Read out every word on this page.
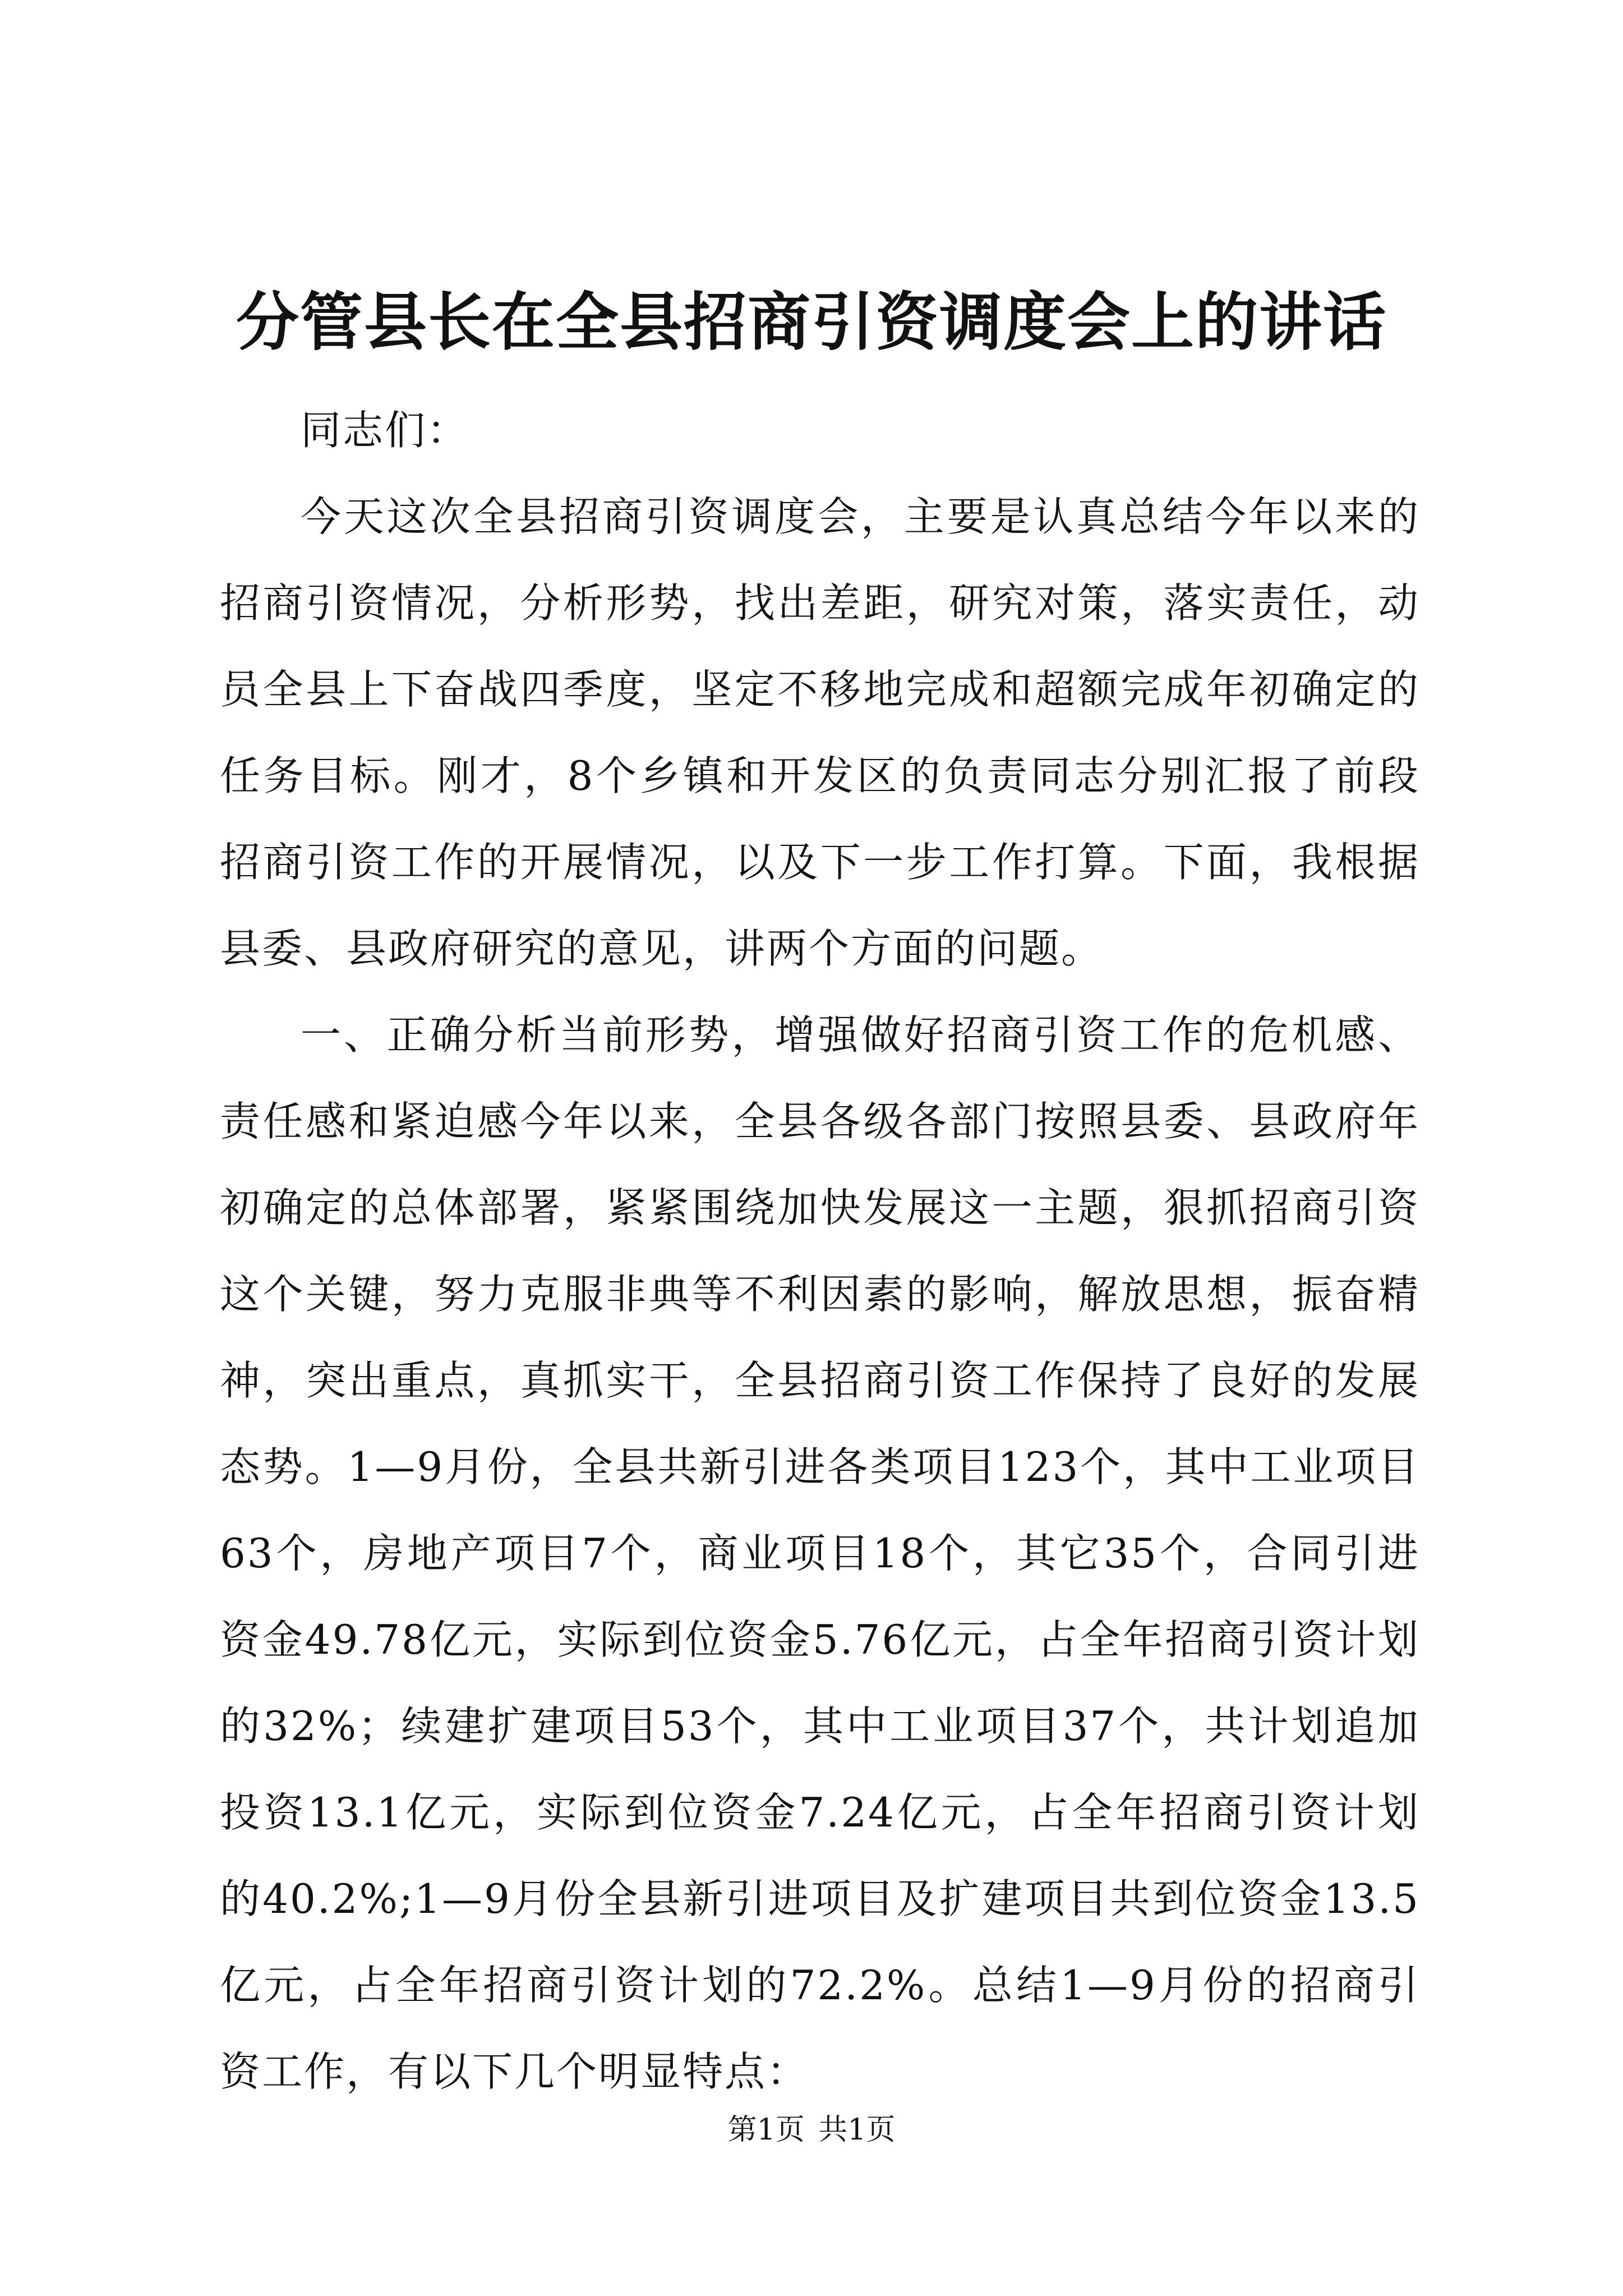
分管县长在全县招商引资调度会上的讲话

同志们：

今天这次全县招商引资调度会，主要是认真总结今年以来的招商引资情况，分析形势，找出差距，研究对策，落实责任，动员全县上下奋战四季度，坚定不移地完成和超额完成年初确定的任务目标。刚才，8个乡镇和开发区的负责同志分别汇报了前段招商引资工作的开展情况，以及下一步工作打算。下面，我根据县委、县政府研究的意见，讲两个方面的问题。

一、正确分析当前形势，增强做好招商引资工作的危机感、责任感和紧迫感今年以来，全县各级各部门按照县委、县政府年初确定的总体部署，紧紧围绕加快发展这一主题，狠抓招商引资这个关键，努力克服非典等不利因素的影响，解放思想，振奋精神，突出重点，真抓实干，全县招商引资工作保持了良好的发展态势。1—9月份，全县共新引进各类项目123个，其中工业项目63个，房地产项目7个，商业项目18个，其它35个，合同引进资金49.78亿元，实际到位资金5.76亿元，占全年招商引资计划的32%；续建扩建项目53个，其中工业项目37个，共计划追加投资13.1亿元，实际到位资金7.24亿元，占全年招商引资计划的40.2%;1—9月份全县新引进项目及扩建项目共到位资金13.5亿元，占全年招商引资计划的72.2%。总结1—9月份的招商引资工作，有以下几个明显特点：

第1页 共1页
